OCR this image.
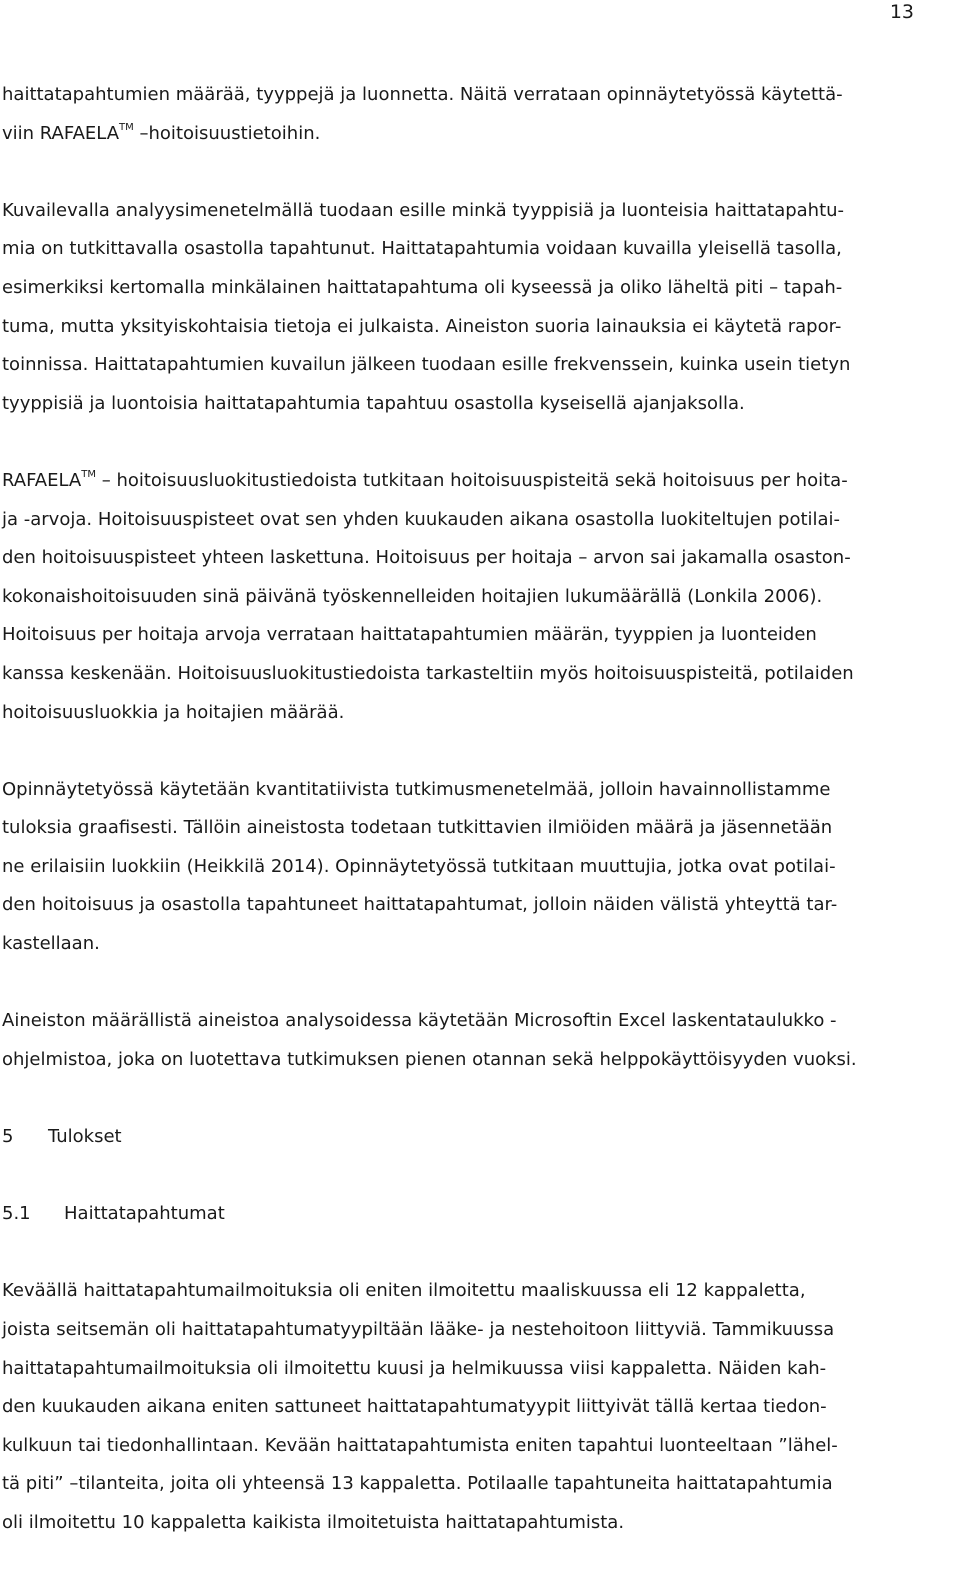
13
haittatapahtumien määrää, tyyppejä ja luonnetta. Näitä verrataan opinnäytetyössä käytettä-
viin RAFAELA™ –hoitoisuustietoihin.
Kuvailevalla analyysimenetelmällä tuodaan esille minkä tyyppisiä ja luonteisia haittatapahtu-
mia on tutkittavalla osastolla tapahtunut. Haittatapahtumia voidaan kuvailla yleisellä tasolla,
esimerkiksi kertomalla minkälainen haittatapahtuma oli kyseessä ja oliko läheltä piti – tapah-
tuma, mutta yksityiskohtaisia tietoja ei julkaista. Aineiston suoria lainauksia ei käytetä rapor-
toinnissa. Haittatapahtumien kuvailun jälkeen tuodaan esille frekvenssein, kuinka usein tietyn
tyyppisiä ja luontoisia haittatapahtumia tapahtuu osastolla kyseisellä ajanjaksolla.
RAFAELA™ – hoitoisuusluokitustiedoista tutkitaan hoitoisuuspisteitä sekä hoitoisuus per hoita-
ja -arvoja. Hoitoisuuspisteet ovat sen yhden kuukauden aikana osastolla luokiteltujen potilai-
den hoitoisuuspisteet yhteen laskettuna. Hoitoisuus per hoitaja – arvon sai jakamalla osaston-
kokonaishoitoisuuden sinä päivänä työskennelleiden hoitajien lukumäärällä (Lonkila 2006).
Hoitoisuus per hoitaja arvoja verrataan haittatapahtumien määrän, tyyppien ja luonteiden
kanssa keskenään. Hoitoisuusluokitustiedoista tarkasteltiin myös hoitoisuuspisteitä, potilaiden
hoitoisuusluokkia ja hoitajien määrää.
Opinnäytetyössä käytetään kvantitatiivista tutkimusmenetelmää, jolloin havainnollistamme
tuloksia graafisesti. Tällöin aineistosta todetaan tutkittavien ilmiöiden määrä ja jäsennetään
ne erilaisiin luokkiin (Heikkilä 2014). Opinnäytetyössä tutkitaan muuttujia, jotka ovat potilai-
den hoitoisuus ja osastolla tapahtuneet haittatapahtumat, jolloin näiden välistä yhteyttä tar-
kastellaan.
Aineiston määrällistä aineistoa analysoidessa käytetään Microsoftin Excel laskentataulukko -
ohjelmistoa, joka on luotettava tutkimuksen pienen otannan sekä helppokäyttöisyyden vuoksi.
5 Tulokset
5.1 Haittatapahtumat
Keväällä haittatapahtumailmoituksia oli eniten ilmoitettu maaliskuussa eli 12 kappaletta,
joista seitsemän oli haittatapahtumatyypiltään lääke- ja nestehoitoon liittyviä. Tammikuussa
haittatapahtumailmoituksia oli ilmoitettu kuusi ja helmikuussa viisi kappaletta. Näiden kah-
den kuukauden aikana eniten sattuneet haittatapahtumatyypit liittyivät tällä kertaa tiedon-
kulkuun tai tiedonhallintaan. Kevään haittatapahtumista eniten tapahtui luonteeltaan ”lähel-
tä piti” –tilanteita, joita oli yhteensä 13 kappaletta. Potilaalle tapahtuneita haittatapahtumia
oli ilmoitettu 10 kappaletta kaikista ilmoitetuista haittatapahtumista.
